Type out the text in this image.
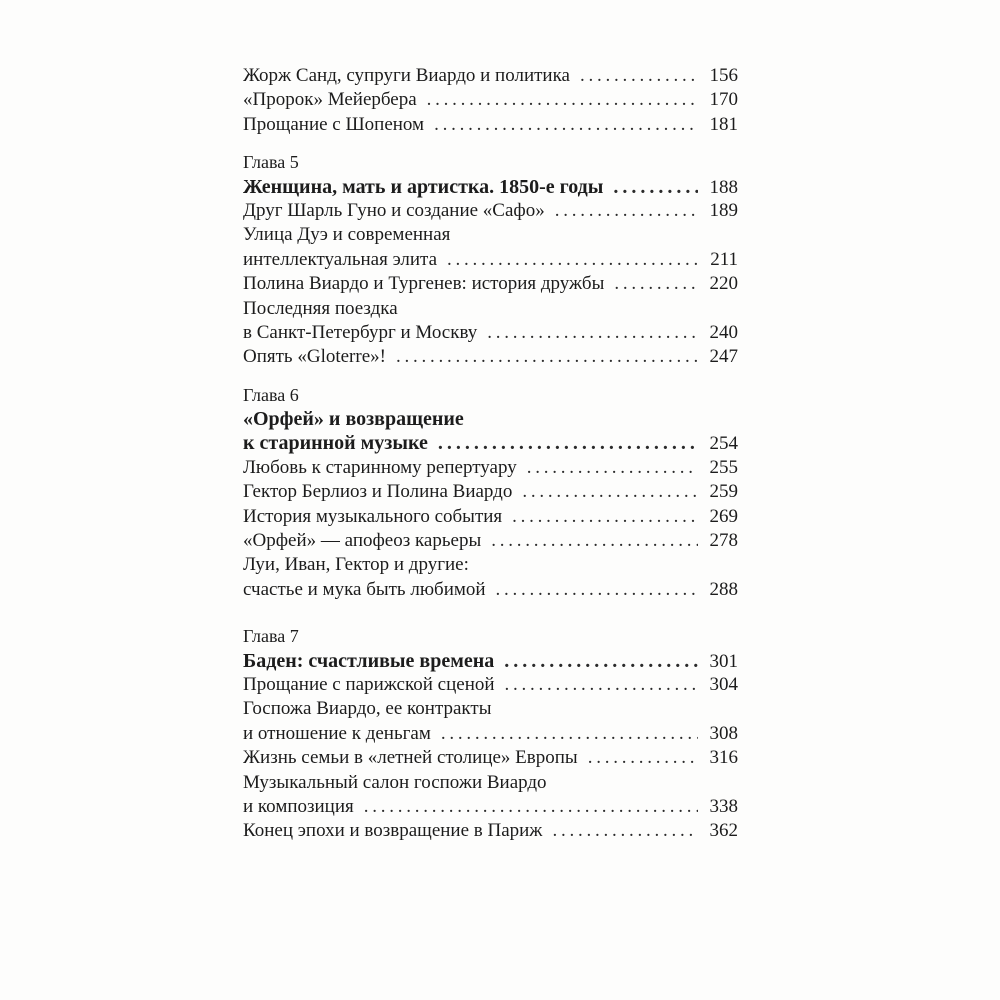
Жорж Санд, супруги Виардо и политика . . .	156
«Пророк» Мейербера . . .	170
Прощание с Шопеном . . .	181
Глава 5
Женщина, мать и артистка. 1850-е годы . . .	188
Друг Шарль Гуно и создание «Сафо» . . .	189
Улица Дуэ и современная
интеллектуальная элита . . .	211
Полина Виардо и Тургенев: история дружбы . . .	220
Последняя поездка
в Санкт-Петербург и Москву . . .	240
Опять «Gloterre»! . . .	247
Глава 6
«Орфей» и возвращение
к старинной музыке . . .	254
Любовь к старинному репертуару . . .	255
Гектор Берлиоз и Полина Виардо . . .	259
История музыкального события . . .	269
«Орфей» — апофеоз карьеры . . .	278
Луи, Иван, Гектор и другие:
счастье и мука быть любимой . . .	288
Глава 7
Баден: счастливые времена . . .	301
Прощание с парижской сценой . . .	304
Госпожа Виардо, ее контракты
и отношение к деньгам . . .	308
Жизнь семьи в «летней столице» Европы . . .	316
Музыкальный салон госпожи Виардо
и композиция . . .	338
Конец эпохи и возвращение в Париж . . .	362
